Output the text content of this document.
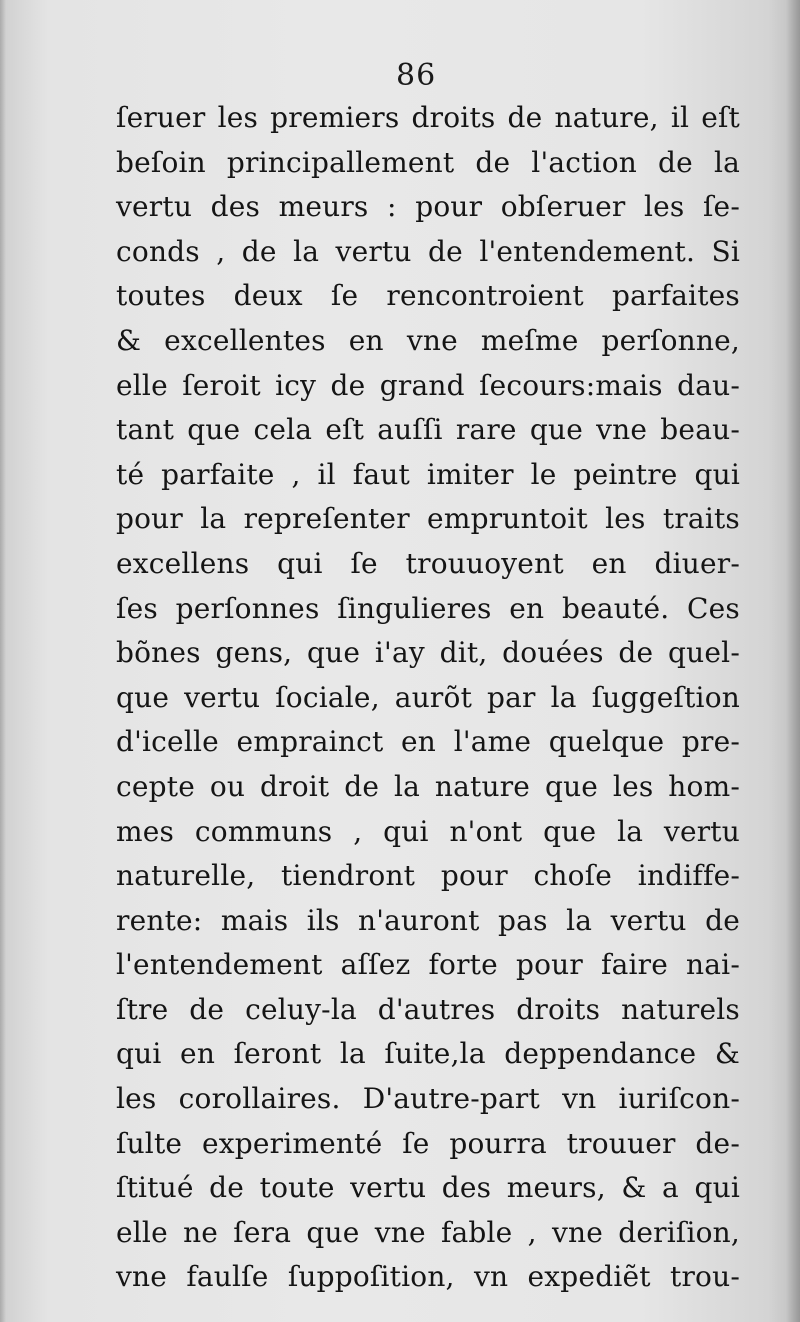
86
ſeruer les premiers droits de nature, il eſt
beſoin principallement de l'action de la
vertu des meurs : pour obſeruer les ſe-
conds , de la vertu de l'entendement. Si
toutes deux ſe rencontroient parfaites
& excellentes en vne meſme perſonne,
elle ſeroit icy de grand ſecours:mais dau-
tant que cela eſt auſſi rare que vne beau-
té parfaite , il faut imiter le peintre qui
pour la repreſenter empruntoit les traits
excellens qui ſe trouuoyent en diuer-
ſes perſonnes ſingulieres en beauté. Ces
bõnes gens, que i'ay dit, douées de quel-
que vertu ſociale, aurõt par la ſuggeſtion
d'icelle emprainct en l'ame quelque pre-
cepte ou droit de la nature que les hom-
mes communs , qui n'ont que la vertu
naturelle, tiendront pour choſe indiffe-
rente: mais ils n'auront pas la vertu de
l'entendement aſſez forte pour faire nai-
ſtre de celuy-la d'autres droits naturels
qui en ſeront la ſuite,la deppendance &
les corollaires. D'autre-part vn iuriſcon-
ſulte experimenté ſe pourra trouuer de-
ſtitué de toute vertu des meurs, & a qui
elle ne ſera que vne fable , vne deriſion,
vne faulſe ſuppoſition, vn expediẽt trou-
